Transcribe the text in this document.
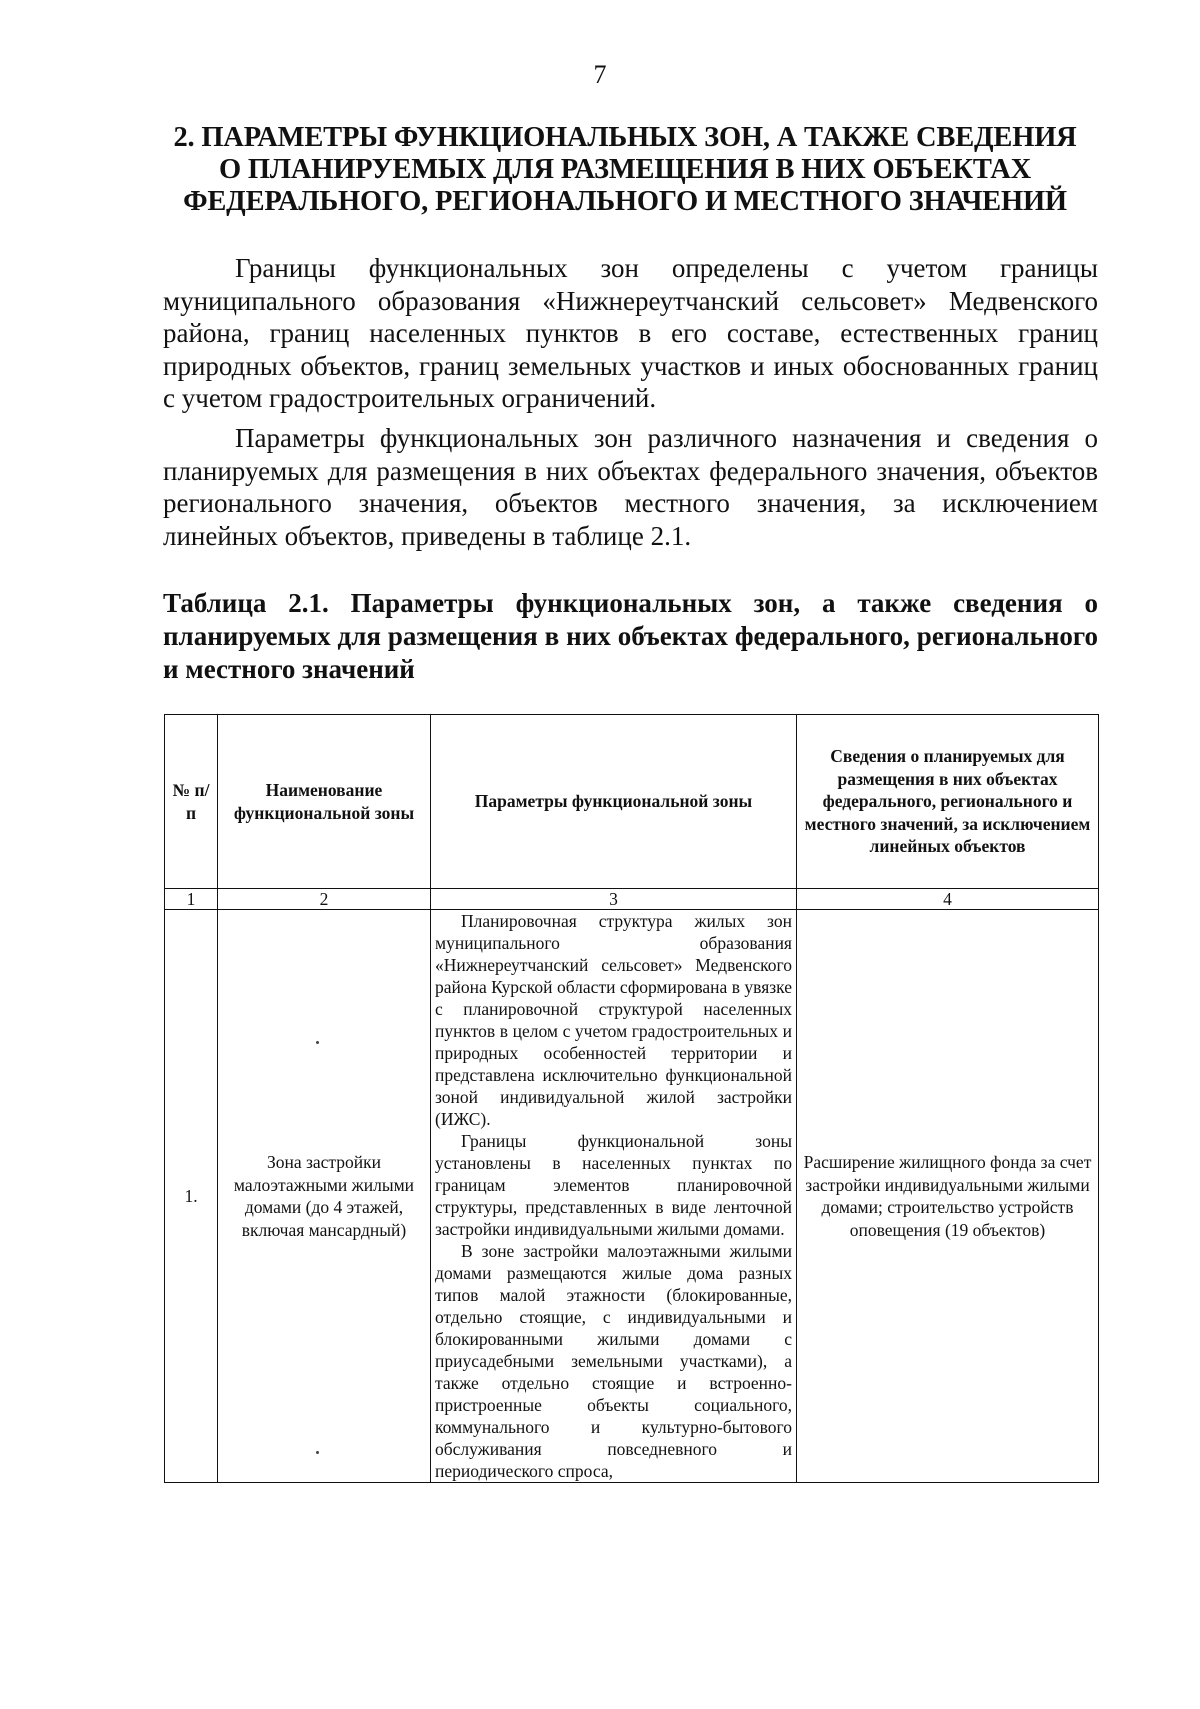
7
2. ПАРАМЕТРЫ ФУНКЦИОНАЛЬНЫХ ЗОН, А ТАКЖЕ СВЕДЕНИЯ
О ПЛАНИРУЕМЫХ ДЛЯ РАЗМЕЩЕНИЯ В НИХ ОБЪЕКТАХ
ФЕДЕРАЛЬНОГО, РЕГИОНАЛЬНОГО И МЕСТНОГО ЗНАЧЕНИЙ

Границы функциональных зон определены с учетом границы муниципального образования «Нижнереутчанский сельсовет» Медвенского района, границ населенных пунктов в его составе, естественных границ природных объектов, границ земельных участков и иных обоснованных границ с учетом градостроительных ограничений.

Параметры функциональных зон различного назначения и сведения о планируемых для размещения в них объектах федерального значения, объектов регионального значения, объектов местного значения, за исключением линейных объектов, приведены в таблице 2.1.

Таблица 2.1. Параметры функциональных зон, а также сведения о планируемых для размещения в них объектах федерального, регионального и местного значений
№ п/п	Наименование функциональной зоны	Параметры функциональной зоны	Сведения о планируемых для размещения в них объектах федерального, регионального и местного значений, за исключением линейных объектов
1	2	3	4
1.	Зона застройки малоэтажными жилыми домами (до 4 этажей, включая мансардный)	Планировочная структура жилых зон муниципального образования «Нижнереутчанский сельсовет» Медвенского района Курской области сформирована в увязке с планировочной структурой населенных пунктов в целом с учетом градостроительных и природных особенностей территории и представлена исключительно функциональной зоной индивидуальной жилой застройки (ИЖС).

Границы функциональной зоны установлены в населенных пунктах по границам элементов планировочной структуры, представленных в виде ленточной застройки индивидуальными жилыми домами.

В зоне застройки малоэтажными жилыми домами размещаются жилые дома разных типов малой этажности (блокированные, отдельно стоящие, с индивидуальными и блокированными жилыми домами с приусадебными земельными участками), а также отдельно стоящие и встроенно-пристроенные объекты социального, коммунального и культурно-бытового обслуживания повседневного и периодического спроса,	Расширение жилищного фонда за счет застройки индивидуальными жилыми домами; строительство устройств оповещения (19 объектов)
